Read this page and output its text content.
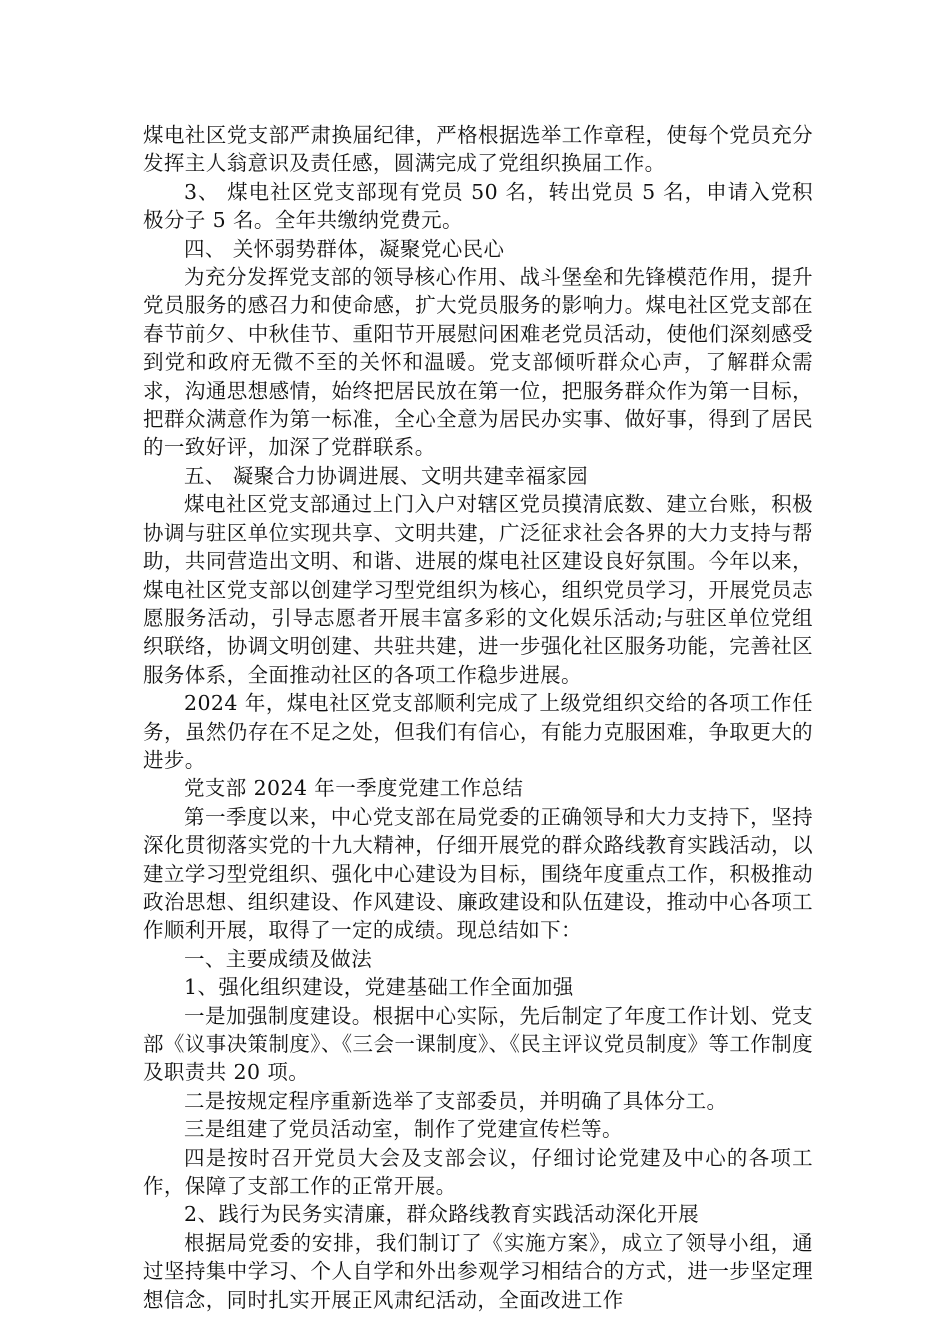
煤电社区党支部严肃换届纪律，严格根据选举工作章程，使每个党员充分发挥主人翁意识及责任感，圆满完成了党组织换届工作。

3、 煤电社区党支部现有党员 50 名，转出党员 5 名，申请入党积极分子 5 名。全年共缴纳党费元。

四、 关怀弱势群体，凝聚党心民心

为充分发挥党支部的领导核心作用、战斗堡垒和先锋模范作用，提升党员服务的感召力和使命感，扩大党员服务的影响力。煤电社区党支部在春节前夕、中秋佳节、重阳节开展慰问困难老党员活动，使他们深刻感受到党和政府无微不至的关怀和温暖。党支部倾听群众心声，了解群众需求，沟通思想感情，始终把居民放在第一位，把服务群众作为第一目标，把群众满意作为第一标准，全心全意为居民办实事、做好事，得到了居民的一致好评，加深了党群联系。

五、 凝聚合力协调进展、文明共建幸福家园

煤电社区党支部通过上门入户对辖区党员摸清底数、建立台账，积极协调与驻区单位实现共享、文明共建，广泛征求社会各界的大力支持与帮助，共同营造出文明、和谐、进展的煤电社区建设良好氛围。今年以来，煤电社区党支部以创建学习型党组织为核心，组织党员学习，开展党员志愿服务活动，引导志愿者开展丰富多彩的文化娱乐活动;与驻区单位党组织联络，协调文明创建、共驻共建，进一步强化社区服务功能，完善社区服务体系，全面推动社区的各项工作稳步进展。

2024 年，煤电社区党支部顺利完成了上级党组织交给的各项工作任务，虽然仍存在不足之处，但我们有信心，有能力克服困难，争取更大的进步。

党支部 2024 年一季度党建工作总结

第一季度以来，中心党支部在局党委的正确领导和大力支持下，坚持深化贯彻落实党的十九大精神，仔细开展党的群众路线教育实践活动，以建立学习型党组织、强化中心建设为目标，围绕年度重点工作，积极推动政治思想、组织建设、作风建设、廉政建设和队伍建设，推动中心各项工作顺利开展，取得了一定的成绩。现总结如下：

一、主要成绩及做法

1、强化组织建设，党建基础工作全面加强

一是加强制度建设。根据中心实际，先后制定了年度工作计划、党支部《议事决策制度》、《三会一课制度》、《民主评议党员制度》等工作制度及职责共 20 项。

二是按规定程序重新选举了支部委员，并明确了具体分工。

三是组建了党员活动室，制作了党建宣传栏等。

四是按时召开党员大会及支部会议，仔细讨论党建及中心的各项工作，保障了支部工作的正常开展。

2、践行为民务实清廉，群众路线教育实践活动深化开展

根据局党委的安排，我们制订了《实施方案》，成立了领导小组，通过坚持集中学习、个人自学和外出参观学习相结合的方式，进一步坚定理想信念，同时扎实开展正风肃纪活动，全面改进工作
